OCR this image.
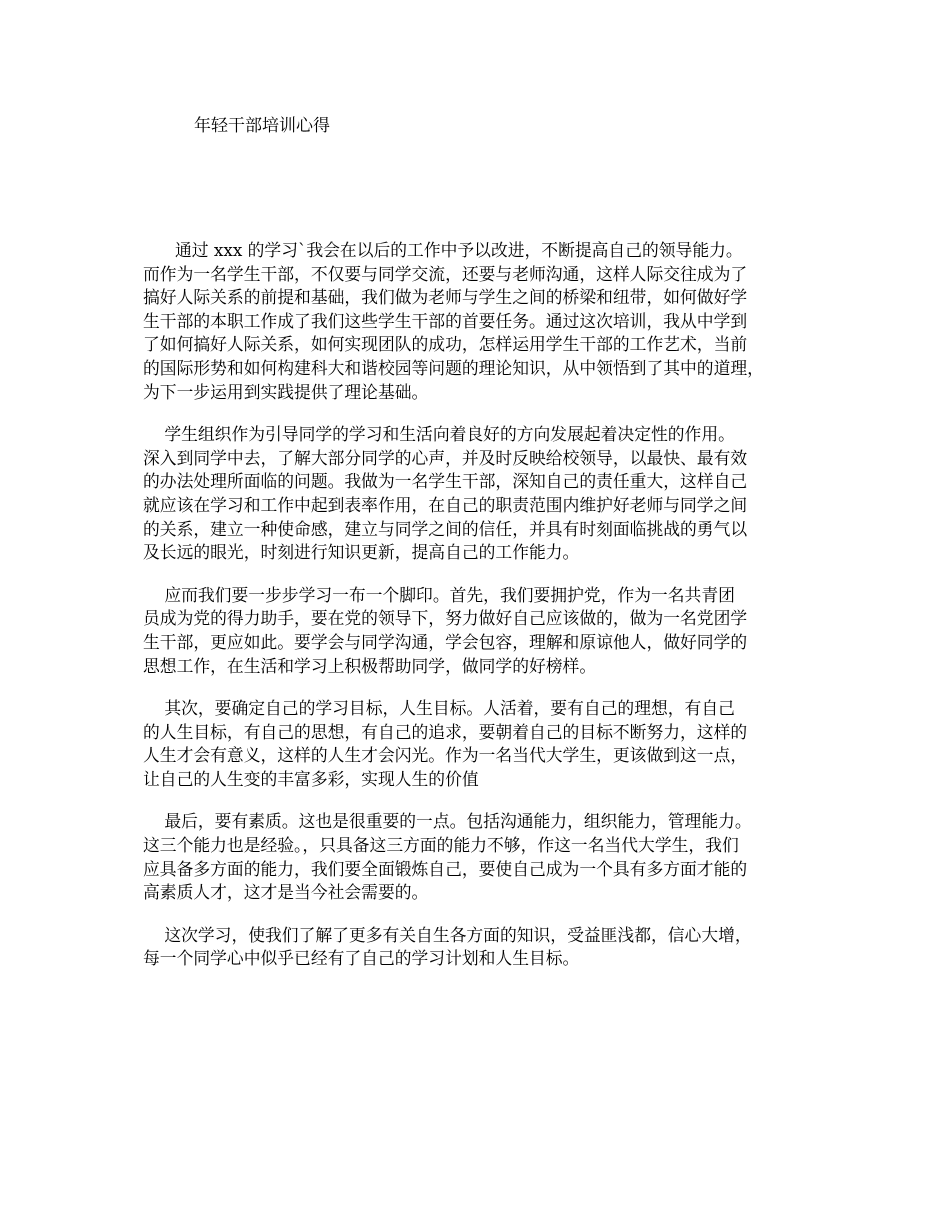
年轻干部培训心得

通过 xxx 的学习`我会在以后的工作中予以改进，不断提高自己的领导能力。
而作为一名学生干部，不仅要与同学交流，还要与老师沟通，这样人际交往成为了
搞好人际关系的前提和基础，我们做为老师与学生之间的桥梁和纽带，如何做好学
生干部的本职工作成了我们这些学生干部的首要任务。通过这次培训，我从中学到
了如何搞好人际关系，如何实现团队的成功，怎样运用学生干部的工作艺术，当前
的国际形势和如何构建科大和谐校园等问题的理论知识，从中领悟到了其中的道理，
为下一步运用到实践提供了理论基础。

学生组织作为引导同学的学习和生活向着良好的方向发展起着决定性的作用。
深入到同学中去，了解大部分同学的心声，并及时反映给校领导，以最快、最有效
的办法处理所面临的问题。我做为一名学生干部，深知自己的责任重大，这样自己
就应该在学习和工作中起到表率作用，在自己的职责范围内维护好老师与同学之间
的关系，建立一种使命感，建立与同学之间的信任，并具有时刻面临挑战的勇气以
及长远的眼光，时刻进行知识更新，提高自己的工作能力。

应而我们要一步步学习一布一个脚印。首先，我们要拥护党，作为一名共青团
员成为党的得力助手，要在党的领导下，努力做好自己应该做的，做为一名党团学
生干部，更应如此。要学会与同学沟通，学会包容，理解和原谅他人，做好同学的
思想工作，在生活和学习上积极帮助同学，做同学的好榜样。

其次，要确定自己的学习目标，人生目标。人活着，要有自己的理想，有自己
的人生目标，有自己的思想，有自己的追求，要朝着自己的目标不断努力，这样的
人生才会有意义，这样的人生才会闪光。作为一名当代大学生，更该做到这一点，
让自己的人生变的丰富多彩，实现人生的价值

最后，要有素质。这也是很重要的一点。包括沟通能力，组织能力，管理能力。
这三个能力也是经验。，只具备这三方面的能力不够，作这一名当代大学生，我们
应具备多方面的能力，我们要全面锻炼自己，要使自己成为一个具有多方面才能的
高素质人才，这才是当今社会需要的。

这次学习，使我们了解了更多有关自生各方面的知识，受益匪浅都，信心大增，
每一个同学心中似乎已经有了自己的学习计划和人生目标。
